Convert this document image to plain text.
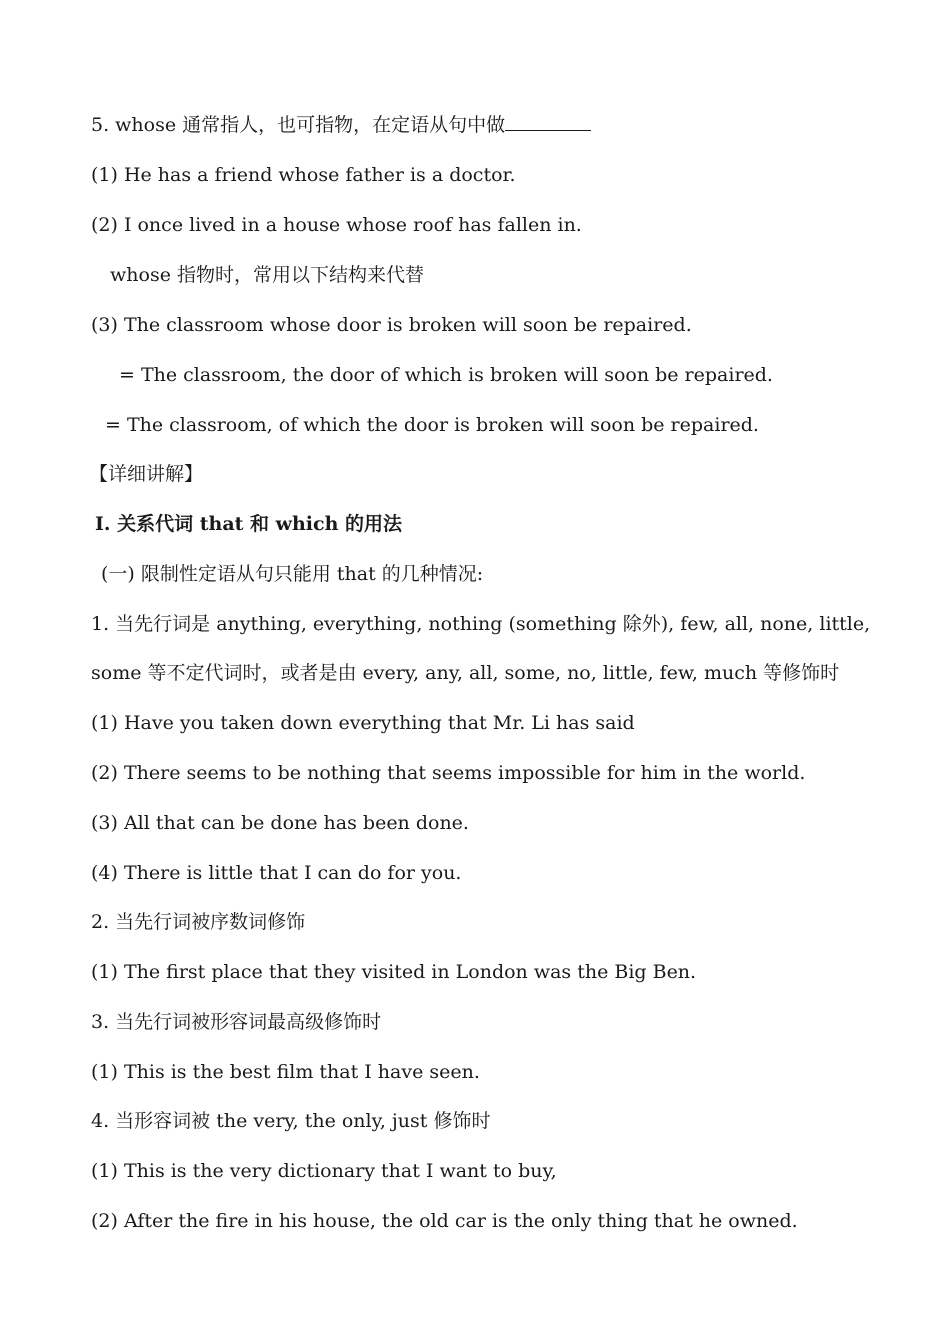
5. whose 通常指人，也可指物，在定语从句中做
(1) He has a friend whose father is a doctor.
(2) I once lived in a house whose roof has fallen in.
whose 指物时，常用以下结构来代替
(3) The classroom whose door is broken will soon be repaired.
= The classroom, the door of which is broken will soon be repaired.
= The classroom, of which the door is broken will soon be repaired.
【详细讲解】
Ⅰ. 关系代词 that 和 which 的用法
(一) 限制性定语从句只能用 that 的几种情况:
1. 当先行词是 anything, everything, nothing (something 除外), few, all, none, little,
some 等不定代词时，或者是由 every, any, all, some, no, little, few, much 等修饰时
(1) Have you taken down everything that Mr. Li has said
(2) There seems to be nothing that seems impossible for him in the world.
(3) All that can be done has been done.
(4) There is little that I can do for you.
2. 当先行词被序数词修饰
(1) The first place that they visited in London was the Big Ben.
3. 当先行词被形容词最高级修饰时
(1) This is the best film that I have seen.
4. 当形容词被 the very, the only, just 修饰时
(1) This is the very dictionary that I want to buy,
(2) After the fire in his house, the old car is the only thing that he owned.
